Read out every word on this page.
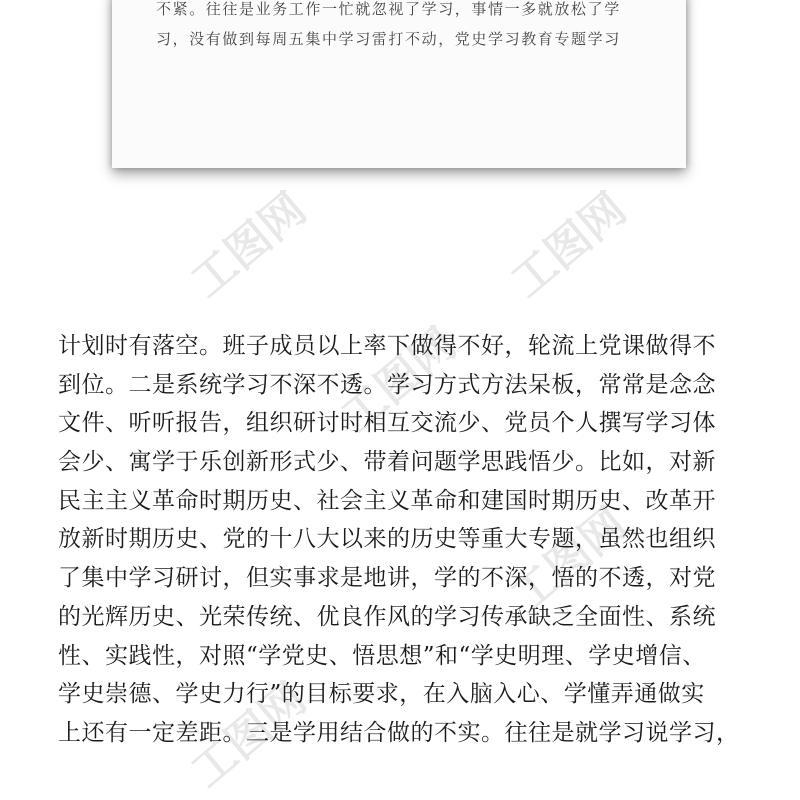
不紧。往往是业务工作一忙就忽视了学习，事情一多就放松了学
习，没有做到每周五集中学习雷打不动，党史学习教育专题学习
工图网	工图网
工图网
工图网
工图网
计划时有落空。班子成员以上率下做得不好，轮流上党课做得不
到位。二是系统学习不深不透。学习方式方法呆板，常常是念念
文件、听听报告，组织研讨时相互交流少、党员个人撰写学习体
会少、寓学于乐创新形式少、带着问题学思践悟少。比如，对新
民主主义革命时期历史、社会主义革命和建国时期历史、改革开
放新时期历史、党的十八大以来的历史等重大专题，虽然也组织
了集中学习研讨，但实事求是地讲，学的不深，悟的不透，对党
的光辉历史、光荣传统、优良作风的学习传承缺乏全面性、系统
性、实践性，对照“学党史、悟思想”和“学史明理、学史增信、
学史崇德、学史力行”的目标要求，在入脑入心、学懂弄通做实
上还有一定差距。三是学用结合做的不实。往往是就学习说学习，
